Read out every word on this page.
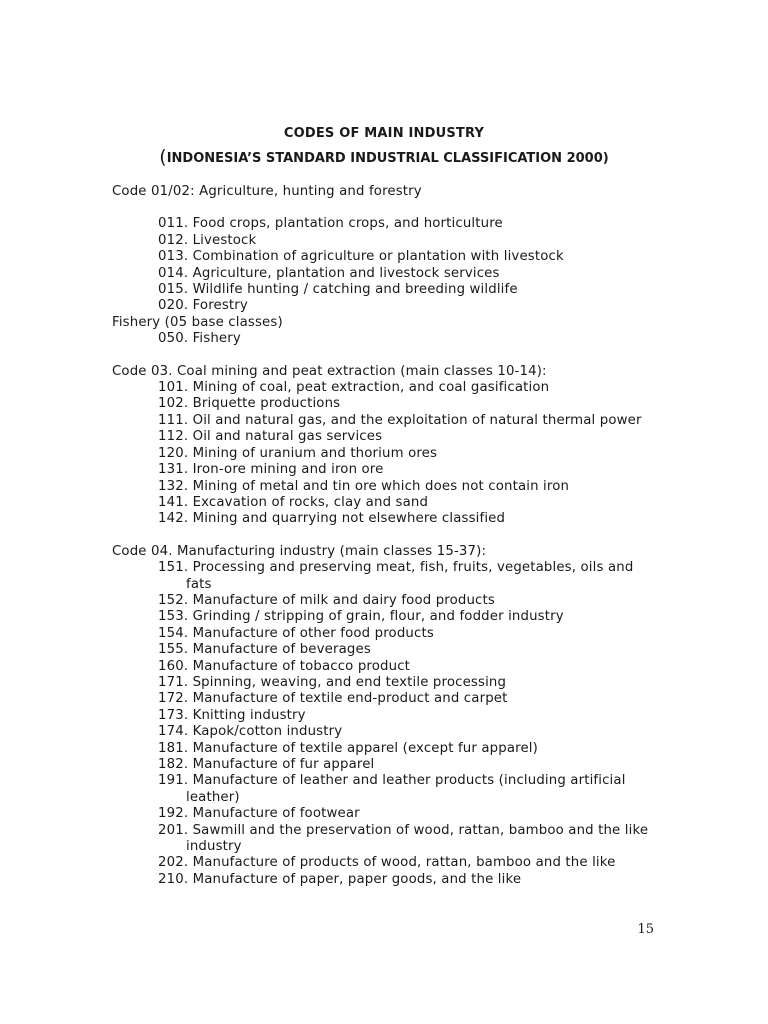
CODES OF MAIN INDUSTRY
(INDONESIA’S STANDARD INDUSTRIAL CLASSIFICATION 2000)
Code 01/02: Agriculture, hunting and forestry
011. Food crops, plantation crops, and horticulture
012. Livestock
013. Combination of agriculture or plantation with livestock
014. Agriculture, plantation and livestock services
015. Wildlife hunting / catching and breeding wildlife
020. Forestry
Fishery (05 base classes)
050. Fishery
Code 03. Coal mining and peat extraction (main classes 10-14):
101. Mining of coal, peat extraction, and coal gasification
102. Briquette productions
111. Oil and natural gas, and the exploitation of natural thermal power
112. Oil and natural gas services
120. Mining of uranium and thorium ores
131. Iron-ore mining and iron ore
132. Mining of metal and tin ore which does not contain iron
141. Excavation of rocks, clay and sand
142. Mining and quarrying not elsewhere classified
Code 04. Manufacturing industry (main classes 15-37):
151. Processing and preserving meat, fish, fruits, vegetables, oils and
fats
152. Manufacture of milk and dairy food products
153. Grinding / stripping of grain, flour, and fodder industry
154. Manufacture of other food products
155. Manufacture of beverages
160. Manufacture of tobacco product
171. Spinning, weaving, and end textile processing
172. Manufacture of textile end-product and carpet
173. Knitting industry
174. Kapok/cotton industry
181. Manufacture of textile apparel (except fur apparel)
182. Manufacture of fur apparel
191. Manufacture of leather and leather products (including artificial
leather)
192. Manufacture of footwear
201. Sawmill and the preservation of wood, rattan, bamboo and the like
industry
202. Manufacture of products of wood, rattan, bamboo and the like
210. Manufacture of paper, paper goods, and the like
15
